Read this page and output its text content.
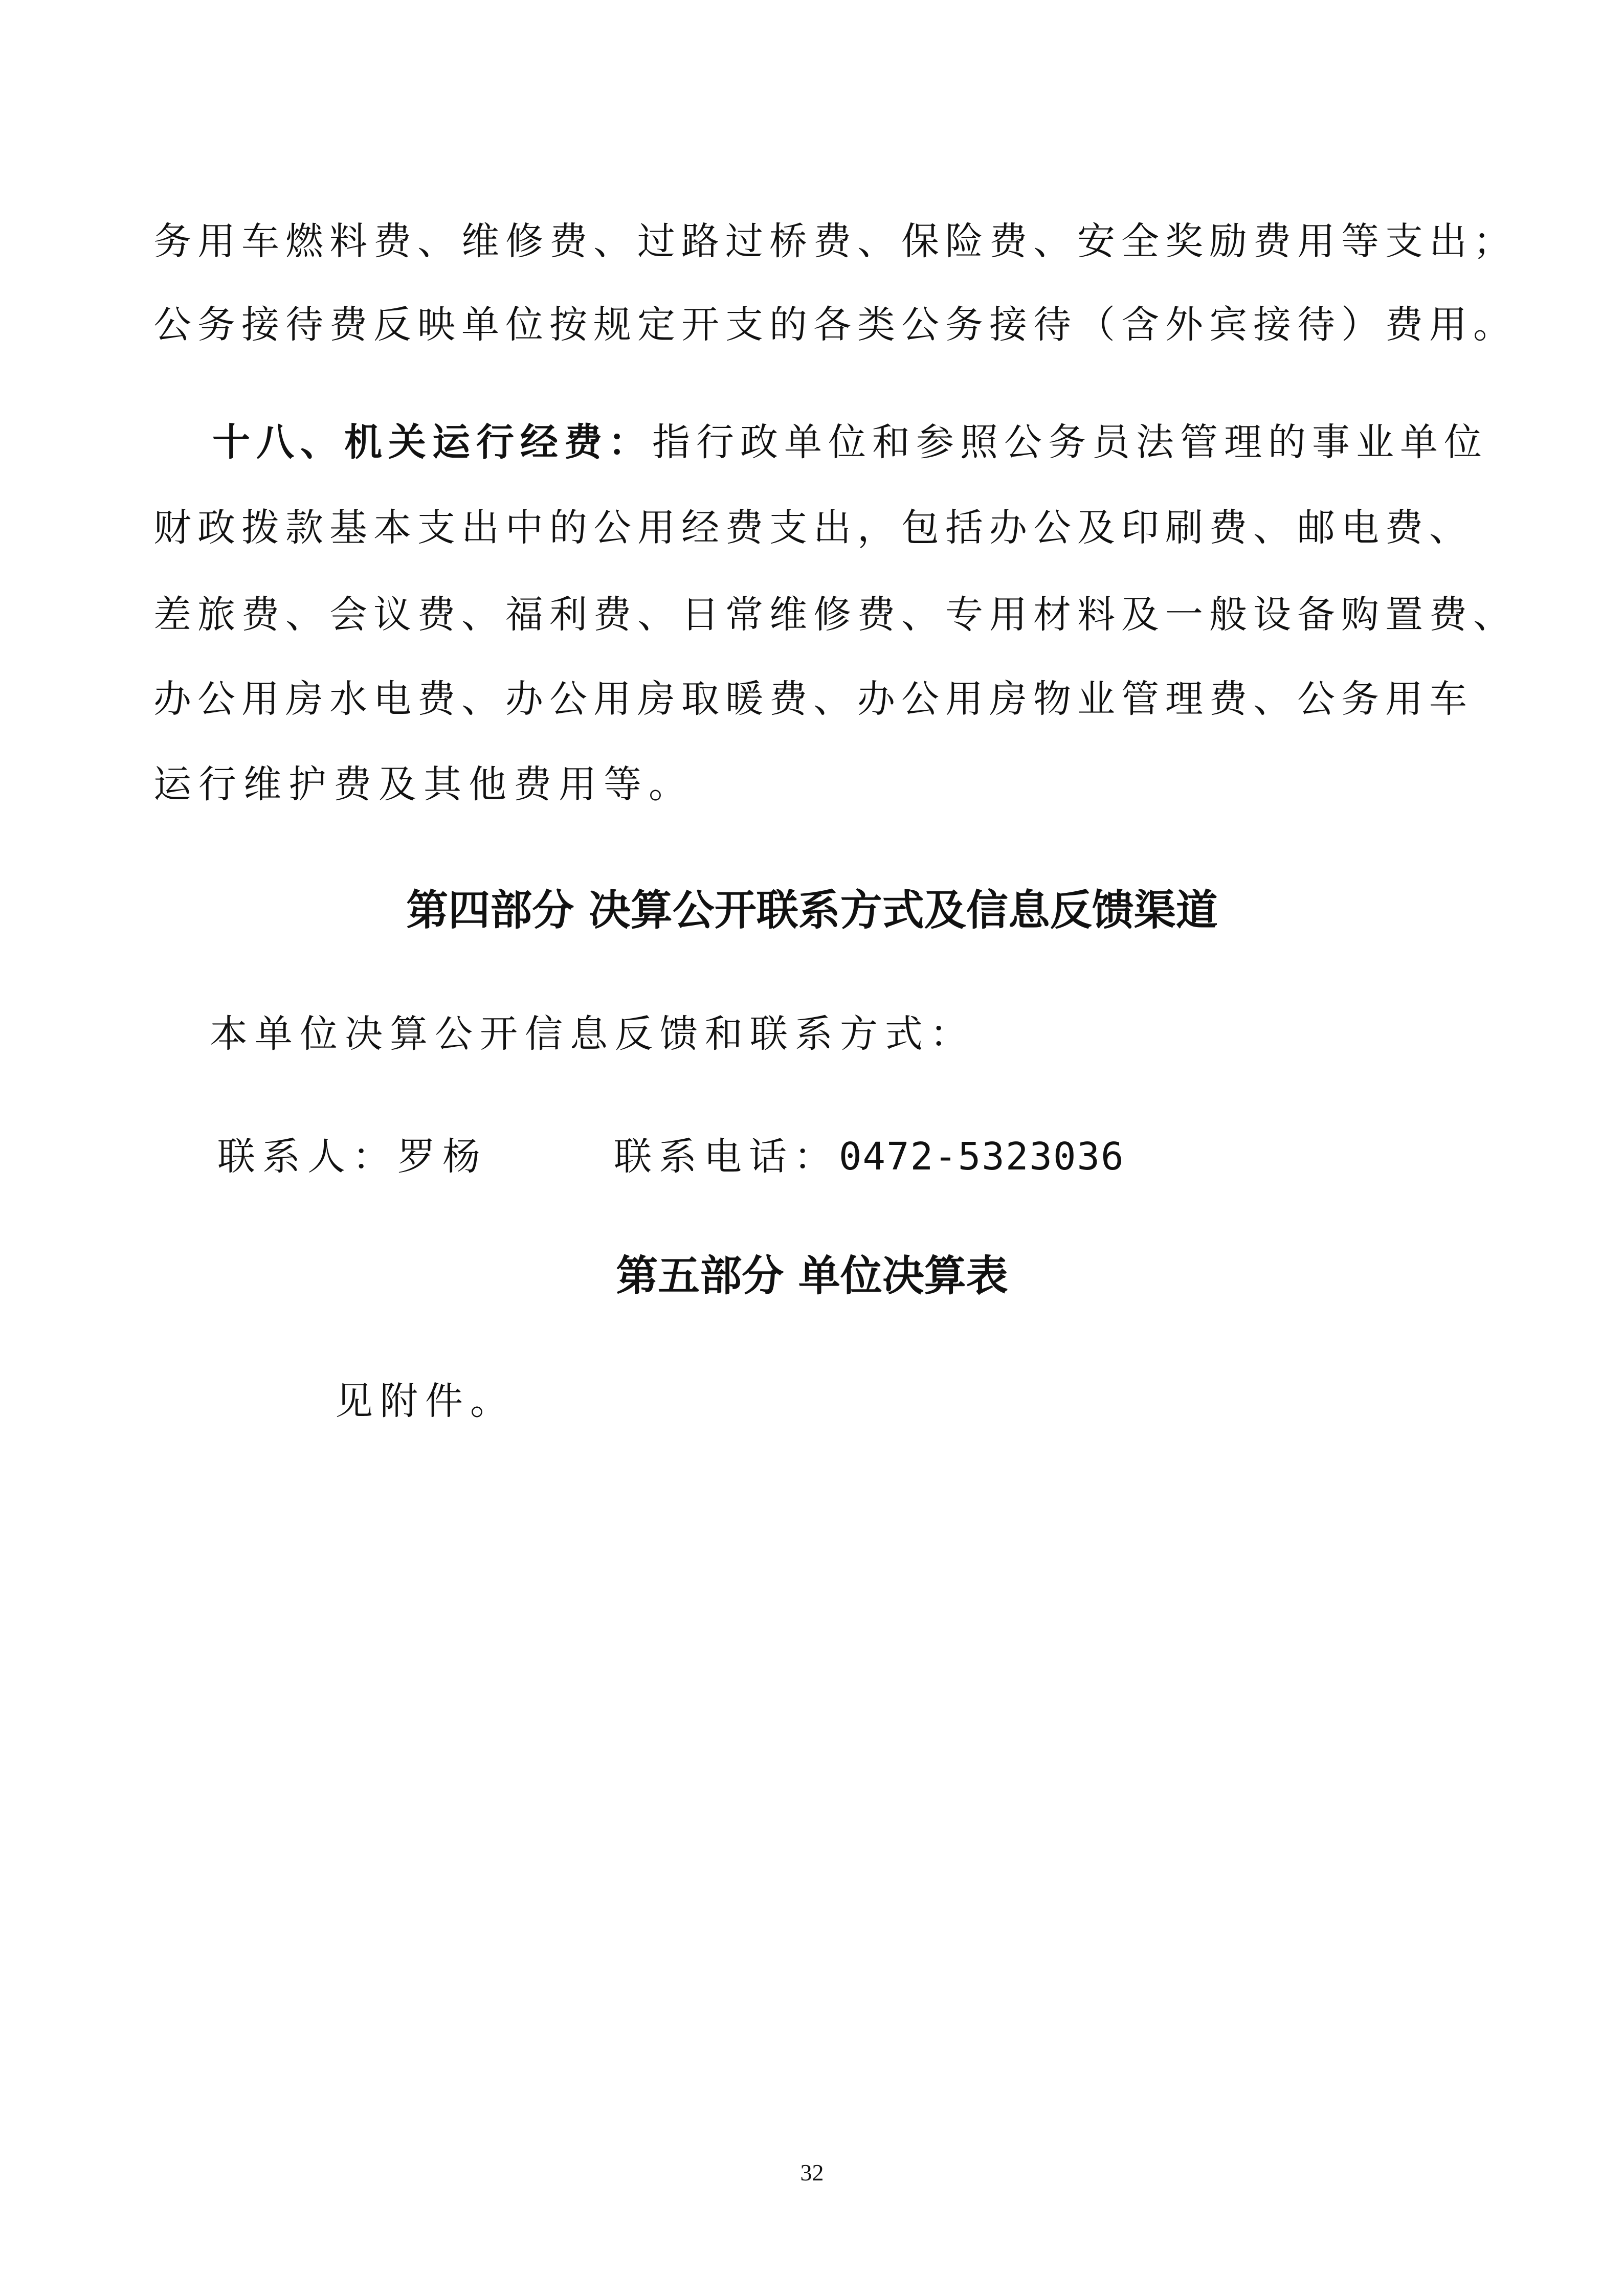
务用车燃料费、维修费、过路过桥费、保险费、安全奖励费用等支出；
公务接待费反映单位按规定开支的各类公务接待（含外宾接待）费用。
十八、机关运行经费：指行政单位和参照公务员法管理的事业单位
财政拨款基本支出中的公用经费支出，包括办公及印刷费、邮电费、
差旅费、会议费、福利费、日常维修费、专用材料及一般设备购置费、
办公用房水电费、办公用房取暖费、办公用房物业管理费、公务用车
运行维护费及其他费用等。
第四部分 决算公开联系方式及信息反馈渠道
本单位决算公开信息反馈和联系方式：
联系人：罗杨	联系电话：0472-5323036
第五部分 单位决算表
见附件。
32
